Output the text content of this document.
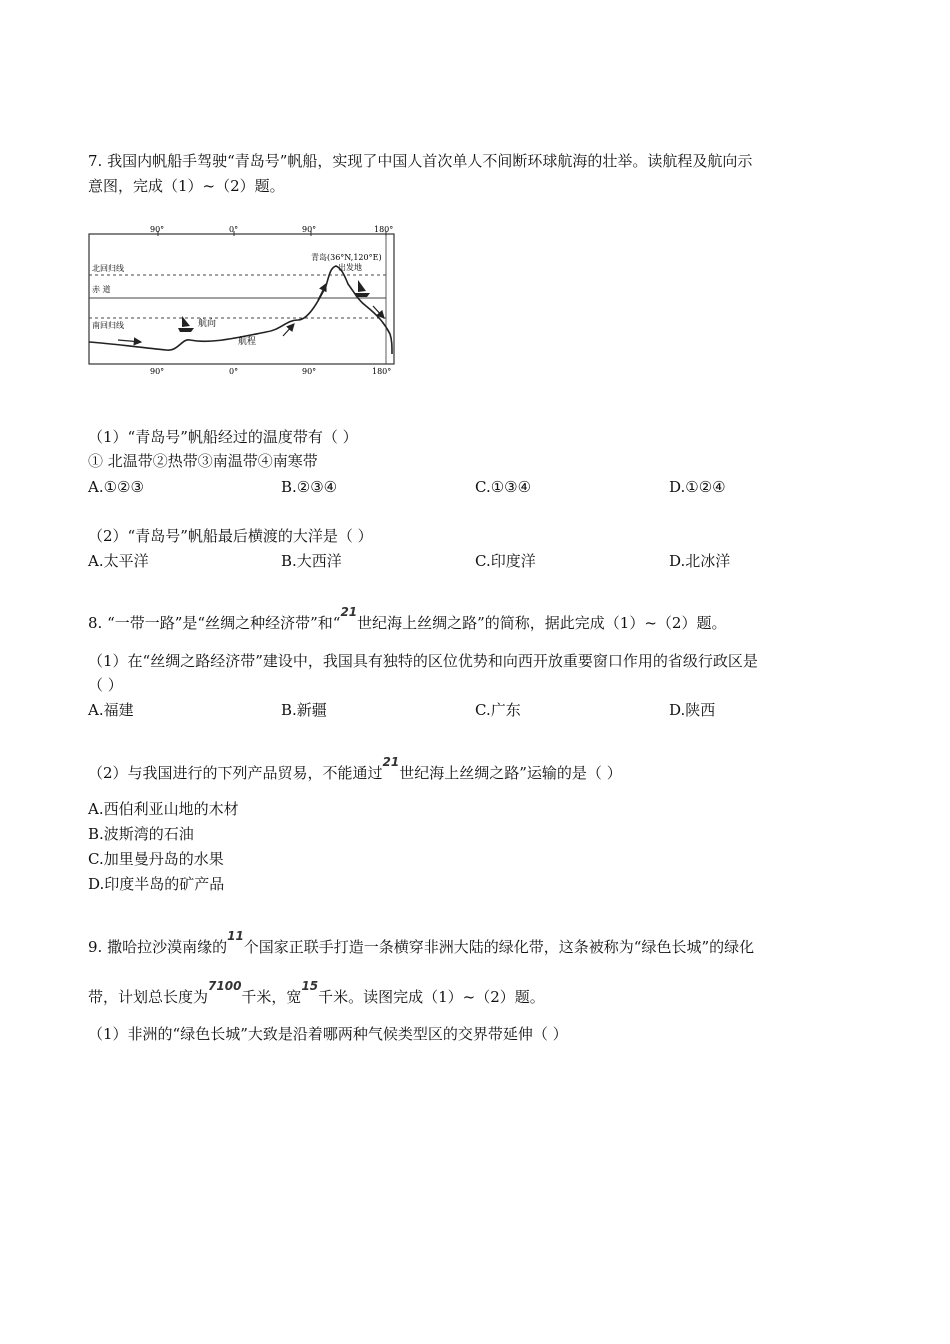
7. 我国内帆船手驾驶“青岛号”帆船，实现了中国人首次单人不间断环球航海的壮举。读航程及航向示
意图，完成（1）~（2）题。
90°	0°	90°	180°
90°	0°	90°	180°
北回归线
赤 道
南回归线
青岛(36°N,120°E)
出发地
航向
航程
（1）“青岛号”帆船经过的温度带有（ ）
① 北温带②热带③南温带④南寒带
A.①②③	B.②③④	C.①③④	D.①②④
（2）“青岛号”帆船最后横渡的大洋是（ ）
A.太平洋	B.大西洋	C.印度洋	D.北冰洋
8. “一带一路”是“丝绸之种经济带”和“$^{21}$世纪海上丝绸之路”的简称，据此完成（1）~（2）题。
（1）在“丝绸之路经济带”建设中，我国具有独特的区位优势和向西开放重要窗口作用的省级行政区是
（ ）
A.福建	B.新疆	C.广东	D.陕西
（2）与我国进行的下列产品贸易，不能通过$^{21}$世纪海上丝绸之路”运输的是（ ）
A.西伯利亚山地的木材
B.波斯湾的石油
C.加里曼丹岛的水果
D.印度半岛的矿产品
9. 撒哈拉沙漠南缘的$^{11}$个国家正联手打造一条横穿非洲大陆的绿化带，这条被称为“绿色长城”的绿化
带，计划总长度为$^{7100}$千米，宽$^{15}$千米。读图完成（1）~（2）题。
（1）非洲的“绿色长城”大致是沿着哪两种气候类型区的交界带延伸（ ）
